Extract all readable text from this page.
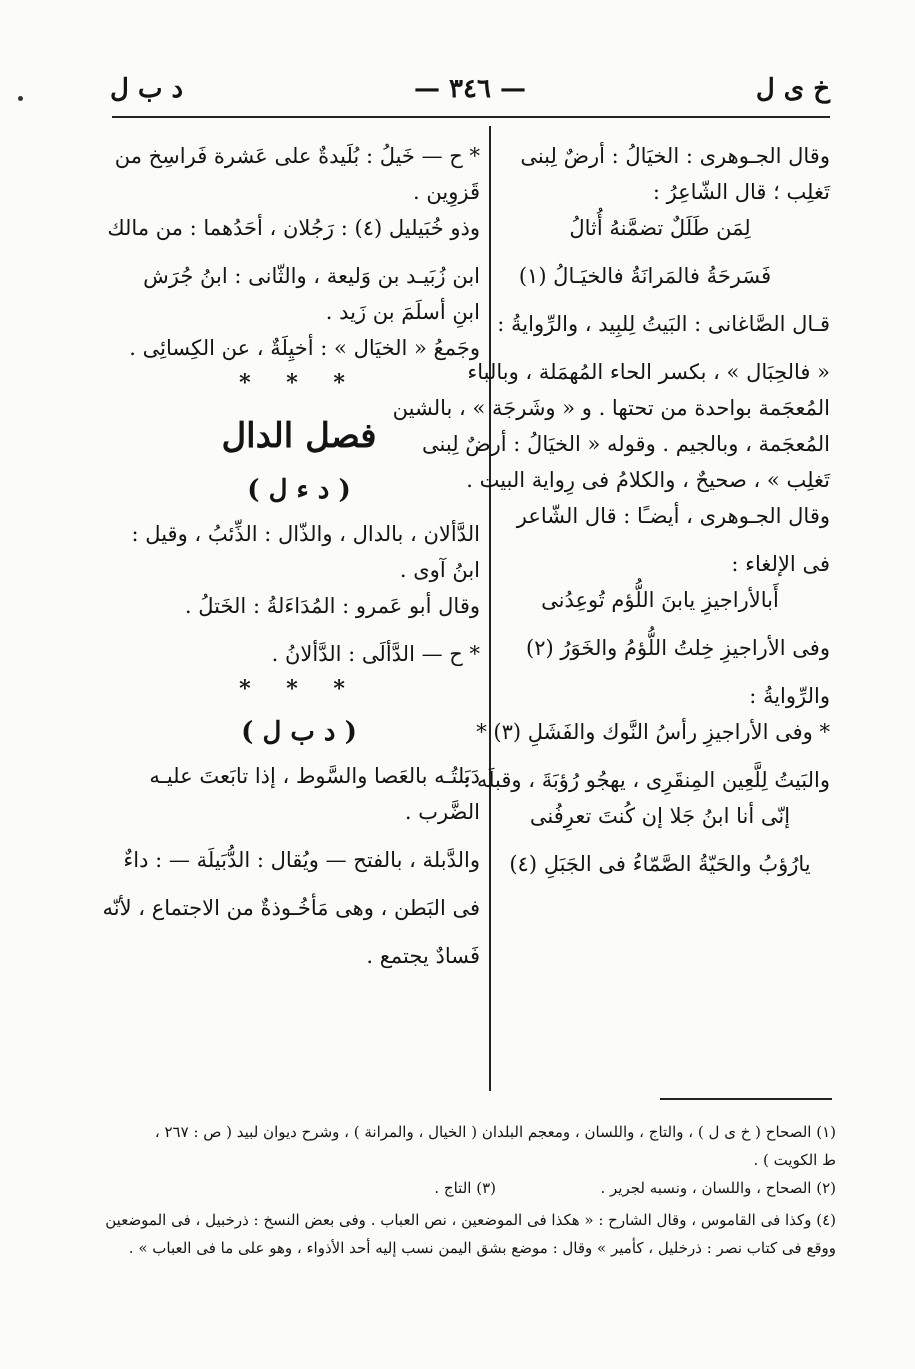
خ ی ل
— ٣٤٦ —
د ب ل
وقال الجـوهرى : الخيَالُ : أرضٌ لِبنى
تَغلِب ؛ قال الشّاعِرُ :
لِمَن طَلَلٌ تضمَّنهُ أُثالُ
فَسَرحَةُ فالمَرانَةُ فالخيَـالُ (١)
قـال الصَّاغانى : البَيتُ لِلبِيد ، والرِّوايةُ :
« فالحِبَال » ، بكسر الحاء المُهمَلة ، وبالباء
المُعجَمة بواحدة من تحتها . و « وشَرجَة » ، بالشين
المُعجَمة ، وبالجيم . وقوله « الخيَالُ : أرضٌ لِبنى
تَغلِب » ، صحيحٌ ، والكلامُ فى رِواية البيت .
وقال الجـوهرى ، أيضـًا : قال الشّاعر
فى الإلغاء :
أَبالأراجيزِ يابنَ اللُّؤم تُوعِدُنى
وفى الأراجيزِ خِلتُ اللُّؤمُ والخَوَرُ (٢)
والرِّوايةُ :
* وفى الأراجيزِ رأسُ النَّوك والفَشَلِ (٣) *
والبَيتُ لِلَّعِين المِنقَرِى ، يهجُو رُؤبَةَ ، وقبلَه :
إنّى أنا ابنُ جَلا إن كُنتَ تعرِفُنى
يارُؤبُ والحَيّةُ الصَّمّاءُ فى الجَبَلِ (٤)
* ح — خَيلُ : بُلَيدةٌ على عَشرة فَراسِخ من
قَزوِين .
وذو خُبَيليل (٤) : رَجُلان ، أحَدُهما : من مالك
ابن زُبَيـد بن وَليعة ، والثّانى : ابنُ جُرَش
ابنِ أسلَمَ بن زَيد .
وجَمعُ « الخيَال » : أخيِلَةٌ ، عن الكِسائِى .
* * *
فصل الدال
( د ء ل )
الدَّألان ، بالدال ، والذّال : الذِّئبُ ، وقيل :
ابنُ آوى .
وقال أبو عَمرو : المُدَاءَلةُ : الخَتلُ .
* ح — الدَّألَى : الدَّألانُ .
* * *
( د ب ل )
دَبَلتُـه بالعَصا والسَّوط ، إذا تابَعتَ عليـه
الضَّرب .
والدَّبلة ، بالفتح — ويُقال : الدُّبَيلَة — : داءٌ
فى البَطن ، وهى مَأخُـوذةٌ من الاجتماع ، لأنّه
فَسادٌ يجتمع .
(١) الصحاح ( خ ى ل ) ، والتاج ، واللسان ، ومعجم البلدان ( الخيال ، والمرانة ) ، وشرح ديوان لبيد ( ص : ٢٦٧ ،
ط الكويت ) .
(٢) الصحاح ، واللسان ، ونسبه لجرير .
(٣) التاج .
(٤) وكذا فى القاموس ، وقال الشارح : « هكذا فى الموضعين ، نص العباب . وفى بعض النسخ : ذرخبيل ، فى الموضعين
ووقع فى كتاب نصر : ذرخليل ، كأمير » وقال : موضع بشق اليمن نسب إليه أحد الأذواء ، وهو على ما فى العباب » .
